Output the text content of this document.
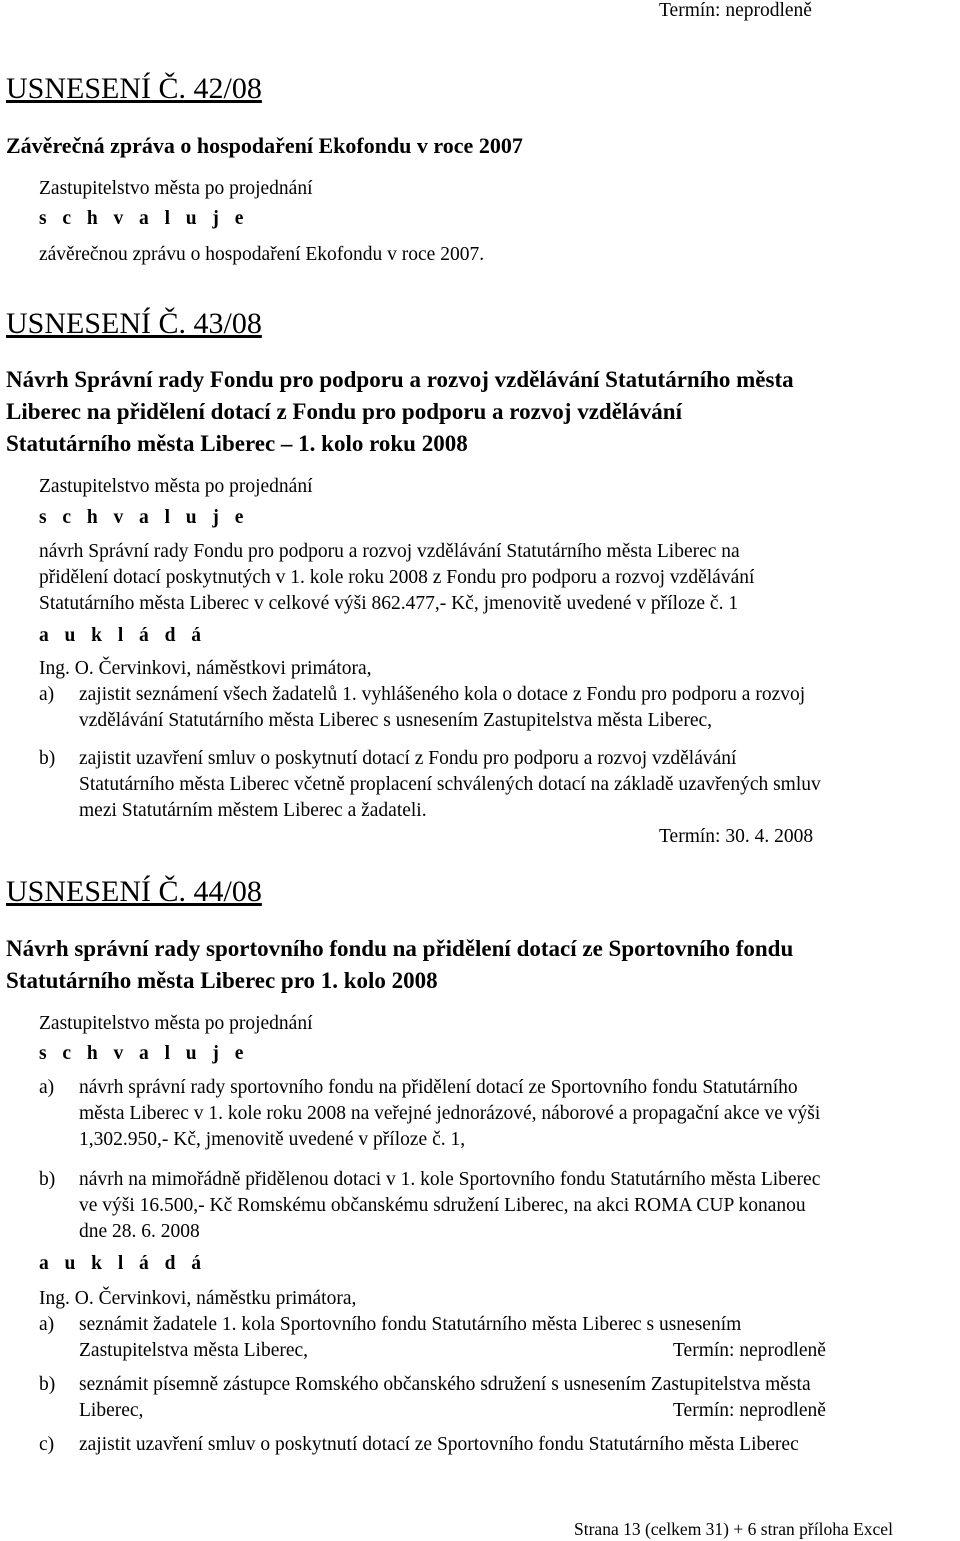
Termín: neprodleně
USNESENÍ Č. 42/08
Závěrečná zpráva o hospodaření Ekofondu v roce 2007
Zastupitelstvo města po projednání
s c h v a l u j e
závěrečnou zprávu o hospodaření Ekofondu v roce 2007.
USNESENÍ Č. 43/08
Návrh Správní rady Fondu pro podporu a rozvoj vzdělávání Statutárního města
Liberec na přidělení dotací z Fondu pro podporu a rozvoj vzdělávání
Statutárního města Liberec – 1. kolo roku 2008
Zastupitelstvo města po projednání
s c h v a l u j e
návrh Správní rady Fondu pro podporu a rozvoj vzdělávání Statutárního města Liberec na
přidělení dotací poskytnutých v 1. kole roku 2008 z Fondu pro podporu a rozvoj vzdělávání
Statutárního města Liberec v celkové výši 862.477,- Kč, jmenovitě uvedené v příloze č. 1
a u k l á d á
Ing. O. Červinkovi, náměstkovi primátora,
a) zajistit seznámení všech žadatelů 1. vyhlášeného kola o dotace z Fondu pro podporu a rozvoj
vzdělávání Statutárního města Liberec s usnesením Zastupitelstva města Liberec,
b) zajistit uzavření smluv o poskytnutí dotací z Fondu pro podporu a rozvoj vzdělávání
Statutárního města Liberec včetně proplacení schválených dotací na základě uzavřených smluv
mezi Statutárním městem Liberec a žadateli.
Termín: 30. 4. 2008
USNESENÍ Č. 44/08
Návrh správní rady sportovního fondu na přidělení dotací ze Sportovního fondu
Statutárního města Liberec pro 1. kolo 2008
Zastupitelstvo města po projednání
s c h v a l u j e
a) návrh správní rady sportovního fondu na přidělení dotací ze Sportovního fondu Statutárního
města Liberec v 1. kole roku 2008 na veřejné jednorázové, náborové a propagační akce ve výši
1,302.950,- Kč, jmenovitě uvedené v příloze č. 1,
b) návrh na mimořádně přidělenou dotaci v 1. kole Sportovního fondu Statutárního města Liberec
ve výši 16.500,- Kč Romskému občanskému sdružení Liberec, na akci ROMA CUP konanou
dne 28. 6. 2008
a u k l á d á
Ing. O. Červinkovi, náměstku primátora,
a) seznámit žadatele 1. kola Sportovního fondu Statutárního města Liberec s usnesením
Zastupitelstva města Liberec,	Termín: neprodleně
b) seznámit písemně zástupce Romského občanského sdružení s usnesením Zastupitelstva města
Liberec,	Termín: neprodleně
c) zajistit uzavření smluv o poskytnutí dotací ze Sportovního fondu Statutárního města Liberec
Strana 13 (celkem 31) + 6 stran příloha Excel
